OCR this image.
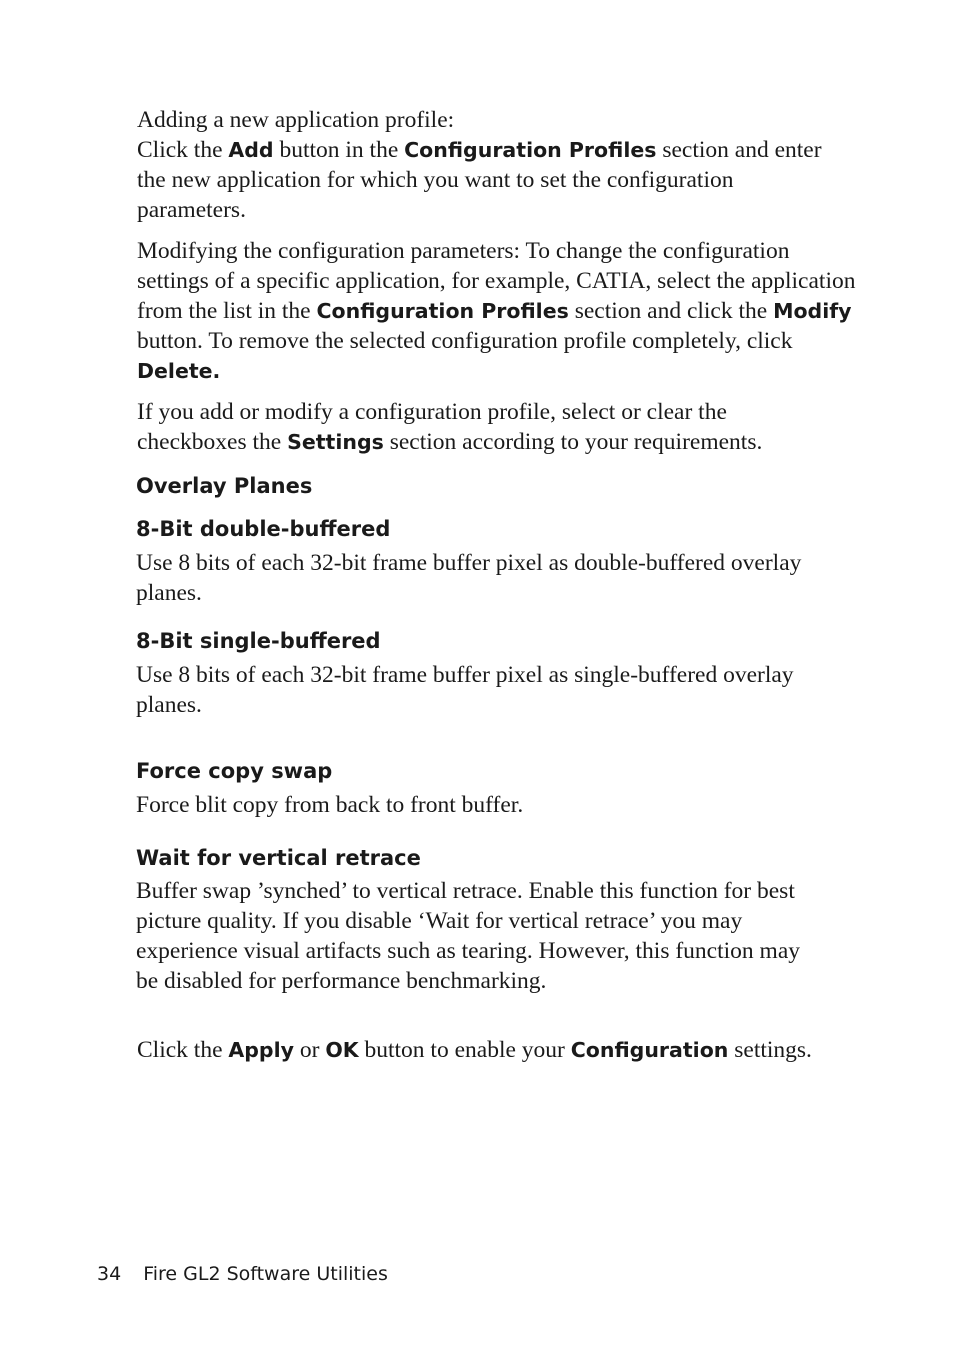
Adding a new application profile:
Click the Add button in the Configuration Profiles section and enter the new application for which you want to set the configuration parameters.

Modifying the configuration parameters: To change the configuration settings of a specific application, for example, CATIA, select the application from the list in the Configuration Profiles section and click the Modify button. To remove the selected configuration profile completely, click Delete.

If you add or modify a configuration profile, select or clear the checkboxes the Settings section according to your requirements.

Overlay Planes
8-Bit double-buffered

Use 8 bits of each 32-bit frame buffer pixel as double-buffered overlay planes.

8-Bit single-buffered

Use 8 bits of each 32-bit frame buffer pixel as single-buffered overlay planes.

Force copy swap

Force blit copy from back to front buffer.

Wait for vertical retrace

Buffer swap ’synched’ to vertical retrace. Enable this function for best picture quality. If you disable ‘Wait for vertical retrace’ you may experience visual artifacts such as tearing. However, this function may be disabled for performance benchmarking.

Click the Apply or OK button to enable your Configuration settings.

34 Fire GL2 Software Utilities
